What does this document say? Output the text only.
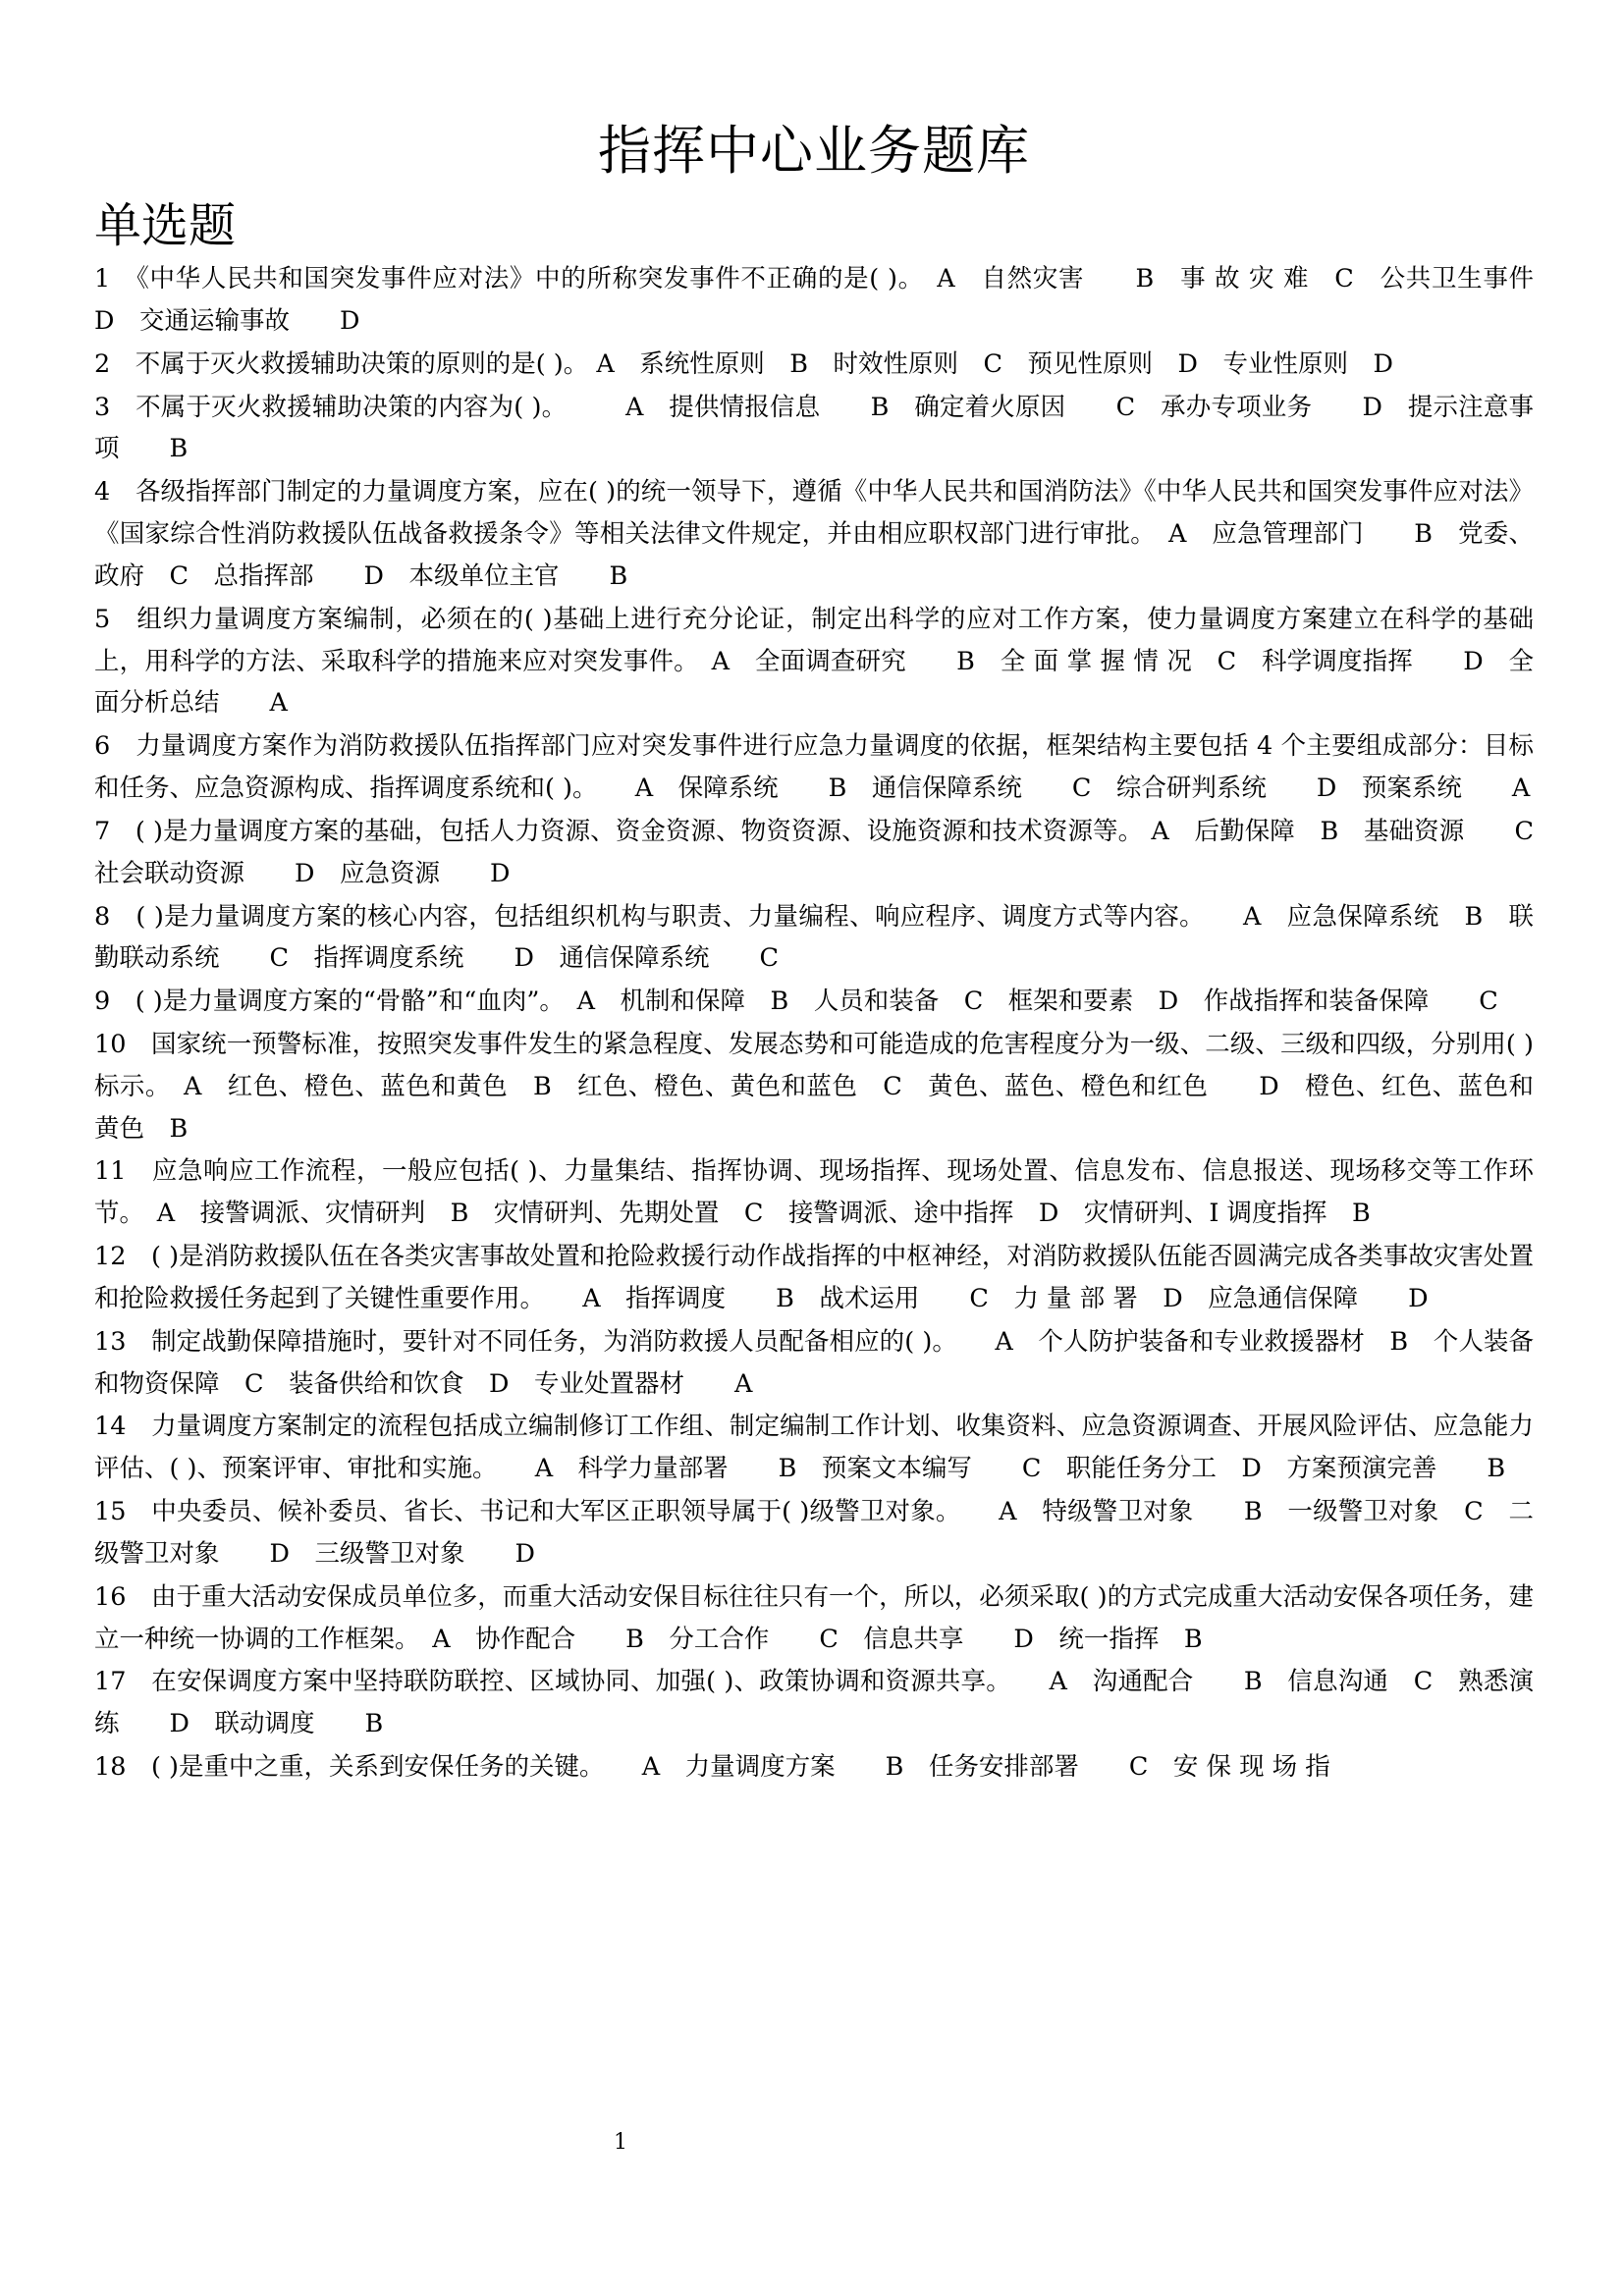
指挥中心业务题库
单选题
1　《中华人民共和国突发事件应对法》中的所称突发事件不正确的是( )。　A　自然灾害　　B　事 故 灾 难　C　公共卫生事件　　D　交通运输事故　　D
2　不属于灭火救援辅助决策的原则的是( )。 A　系统性原则　B　时效性原则　C　预见性原则　D　专业性原则　D
3　不属于灭火救援辅助决策的内容为( )。 　　A　提供情报信息　　B　确定着火原因　　C　承办专项业务　　D　提示注意事项　　B
4　各级指挥部门制定的力量调度方案，应在( )的统一领导下，遵循《中华人民共和国消防法》《中华人民共和国突发事件应对法》《国家综合性消防救援队伍战备救援条令》等相关法律文件规定，并由相应职权部门进行审批。　A　应急管理部门　　B　党委、政府　C　总指挥部　　D　本级单位主官　　B
5　组织力量调度方案编制，必须在的( )基础上进行充分论证，制定出科学的应对工作方案，使力量调度方案建立在科学的基础上，用科学的方法、采取科学的措施来应对突发事件。　A　全面调查研究　　B　全 面 掌 握 情 况　C　科学调度指挥　　D　全面分析总结　　A
6　力量调度方案作为消防救援队伍指挥部门应对突发事件进行应急力量调度的依据，框架结构主要包括 4 个主要组成部分：目标和任务、应急资源构成、指挥调度系统和( )。　　A　保障系统　　B　通信保障系统　　C　综合研判系统　　D　预案系统　　A
7　( )是力量调度方案的基础，包括人力资源、资金资源、物资资源、设施资源和技术资源等。 A　后勤保障　B　基础资源　　C　社会联动资源　　D　应急资源　　D
8　( )是力量调度方案的核心内容，包括组织机构与职责、力量编程、响应程序、调度方式等内容。　　A　应急保障系统　B　联勤联动系统　　C　指挥调度系统　　D　通信保障系统　　C
9　( )是力量调度方案的“骨骼”和“血肉”。　A　机制和保障　B　人员和装备　C　框架和要素　D　作战指挥和装备保障　　C
10　国家统一预警标准，按照突发事件发生的紧急程度、发展态势和可能造成的危害程度分为一级、二级、三级和四级，分别用( )标示。　A　红色、橙色、蓝色和黄色　B　红色、橙色、黄色和蓝色　C　黄色、蓝色、橙色和红色　　D　橙色、红色、蓝色和黄色　B
11　应急响应工作流程，一般应包括( )、力量集结、指挥协调、现场指挥、现场处置、信息发布、信息报送、现场移交等工作环节。　A　接警调派、灾情研判　B　灾情研判、先期处置　C　接警调派、途中指挥　D　灾情研判、I 调度指挥　B
12　( )是消防救援队伍在各类灾害事故处置和抢险救援行动作战指挥的中枢神经，对消防救援队伍能否圆满完成各类事故灾害处置和抢险救援任务起到了关键性重要作用。　　A　指挥调度　　B　战术运用　　C　力 量 部 署　D　应急通信保障　　D
13　制定战勤保障措施时，要针对不同任务，为消防救援人员配备相应的( )。　　A　个人防护装备和专业救援器材　B　个人装备和物资保障　C　装备供给和饮食　D　专业处置器材　　A
14　力量调度方案制定的流程包括成立编制修订工作组、制定编制工作计划、收集资料、应急资源调查、开展风险评估、应急能力评估、( )、预案评审、审批和实施。　　A　科学力量部署　　B　预案文本编写　　C　职能任务分工　D　方案预演完善　　B
15　中央委员、候补委员、省长、书记和大军区正职领导属于( )级警卫对象。　　A　特级警卫对象　　B　一级警卫对象　C　二级警卫对象　　D　三级警卫对象　　D
16　由于重大活动安保成员单位多，而重大活动安保目标往往只有一个，所以，必须采取( )的方式完成重大活动安保各项任务，建立一种统一协调的工作框架。　A　协作配合　　B　分工合作　　C　信息共享　　D　统一指挥　B
17　在安保调度方案中坚持联防联控、区域协同、加强( )、政策协调和资源共享。　　A　沟通配合　　B　信息沟通　C　熟悉演练　　D　联动调度　　B
18　( )是重中之重，关系到安保任务的关键。　　A　力量调度方案　　B　任务安排部署　　C　安 保 现 场 指
1
